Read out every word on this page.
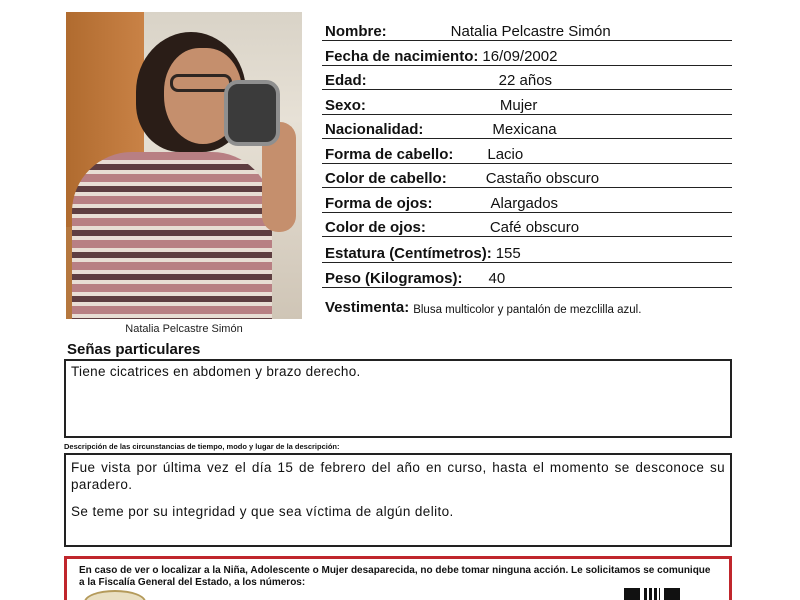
Natalia Pelcastre Simón
Nombre:	Natalia Pelcastre Simón
Fecha de nacimiento: 16/09/2002
Edad:	22 años
Sexo:	Mujer
Nacionalidad:	Mexicana
Forma de cabello: Lacio
Color de cabello:	Castaño obscuro
Forma de ojos:	Alargados
Color de ojos:	Café obscuro
Estatura (Centímetros): 155
Peso (Kilogramos): 40
Vestimenta: Blusa multicolor y pantalón de mezclilla azul.
Señas particulares
Tiene cicatrices en abdomen y brazo derecho.
Descripción de las circunstancias de tiempo, modo y lugar de la descripción:

Fue vista por última vez el día 15 de febrero del año en curso, hasta el momento se desconoce su paradero.

Se teme por su integridad y que sea víctima de algún delito.

En caso de ver o localizar a la Niña, Adolescente o Mujer desaparecida, no debe tomar ninguna acción. Le solicitamos se comunique a la Fiscalía General del Estado, a los números:
